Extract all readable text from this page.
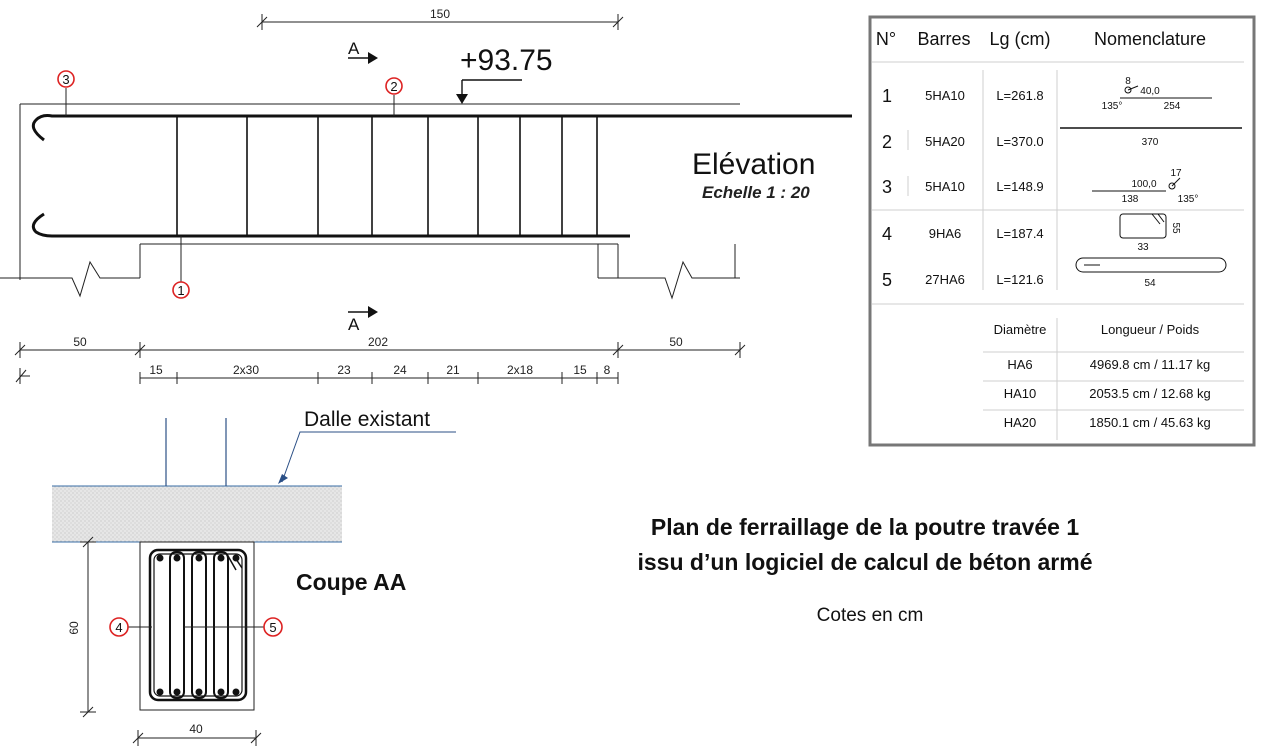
150
A
3	2
1
A
50	202	50
15	2x30	23	24	21	2x18	15 8
4	5
60
40
N° Barres Lg (cm) Nomenclature
1	5HA10 L=261.8
8
40,0
135°	254
2	5HA20 L=370.0	370
3	5HA10 L=148.9	100,0
17
138	135°
4	9HA6	L=187.4
33
55
5	27HA6 L=121.6	54
Diamètre	Longueur / Poids
HA6	4969.8 cm / 11.17 kg
HA10	2053.5 cm / 12.68 kg
HA20	1850.1 cm / 45.63 kg
+93.75
Elévation
Echelle 1 : 20
Dalle existant
Coupe AA
Plan de ferraillage de la poutre travée 1
issu d’un logiciel de calcul de béton armé
Cotes en cm
